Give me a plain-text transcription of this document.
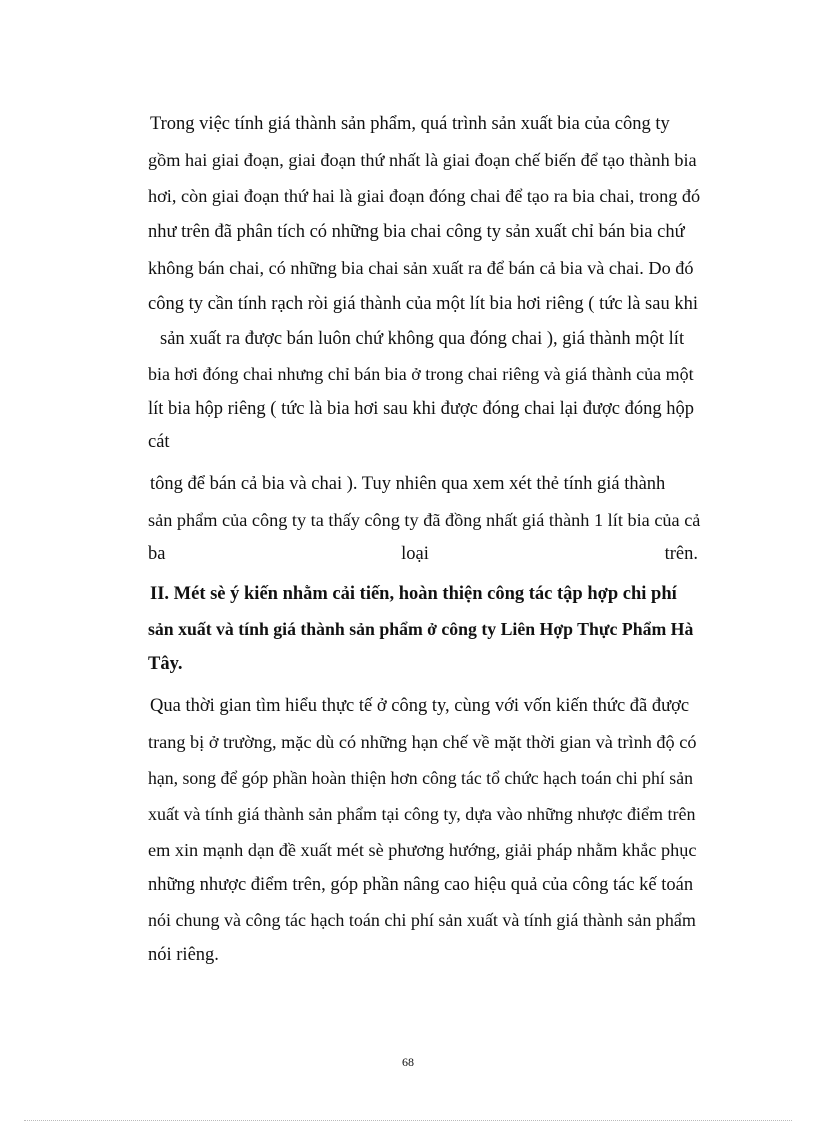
Trong việc tính giá thành sản phẩm, quá trình sản xuất bia của công ty
gồm hai giai đoạn, giai đoạn thứ nhất là giai đoạn chế biến để tạo thành bia
hơi, còn giai đoạn thứ hai là giai đoạn đóng chai để tạo ra bia chai, trong đó
như trên đã phân tích có những bia chai công ty sản xuất chỉ bán bia chứ
không bán chai, có những bia chai sản xuất ra để bán cả bia và chai. Do đó
công ty cần tính rạch ròi giá thành của một lít bia hơi riêng ( tức là sau khi
sản xuất ra được bán luôn chứ không qua đóng chai ), giá thành một lít
bia hơi đóng chai nhưng chỉ bán bia ở trong chai riêng và giá thành của một
lít bia hộp riêng ( tức là bia hơi sau khi được đóng chai lại được đóng hộp
cát
tông để bán cả bia và chai ). Tuy nhiên qua xem xét thẻ tính giá thành
sản phẩm của công ty ta thấy công ty đã đồng nhất giá thành 1 lít bia của cả
ba	loại	trên.
II. Mét sè ý kiến nhằm cải tiến, hoàn thiện công tác tập hợp chi phí
sản xuất và tính giá thành sản phẩm ở công ty Liên Hợp Thực Phẩm Hà
Tây.
Qua thời gian tìm hiểu thực tế ở công ty, cùng với vốn kiến thức đã được
trang bị ở trường, mặc dù có những hạn chế về mặt thời gian và trình độ có
hạn, song để góp phần hoàn thiện hơn công tác tổ chức hạch toán chi phí sản
xuất và tính giá thành sản phẩm tại công ty, dựa vào những nhược điểm trên
em xin mạnh dạn đề xuất mét sè phương hướng, giải pháp nhằm khắc phục
những nhược điểm trên, góp phần nâng cao hiệu quả của công tác kế toán
nói chung và công tác hạch toán chi phí sản xuất và tính giá thành sản phẩm
nói riêng.
68
